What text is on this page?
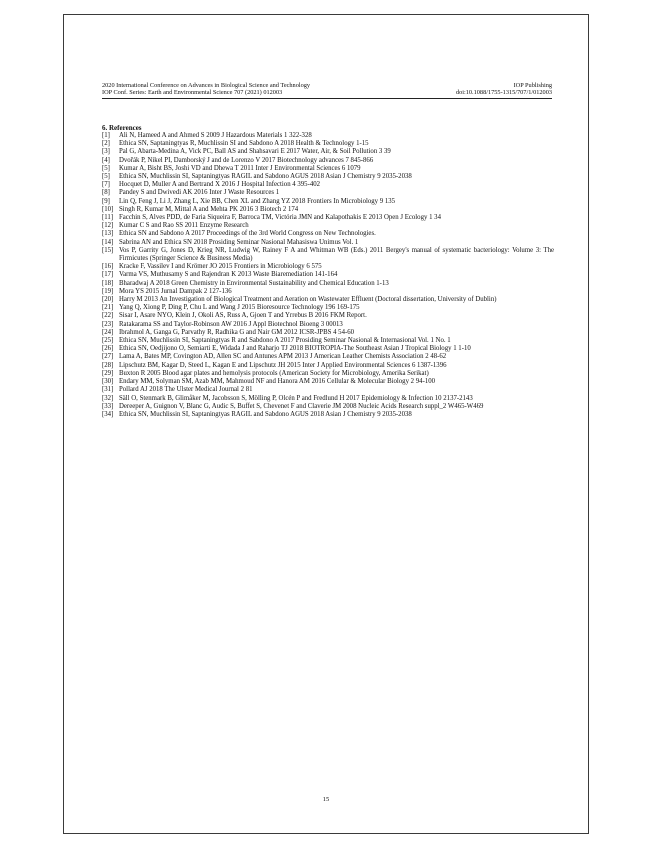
2020 International Conference on Advances in Biological Science and Technology	IOP Publishing
IOP Conf. Series: Earth and Environmental Science 707 (2021) 012003	doi:10.1088/1755-1315/707/1/012003
6. References
[1]	Ali N, Hameed A and Ahmed S 2009 J Hazardous Materials 1 322-328
[2]	Ethica SN, Saptaningtyas R, Muchlissin SI and Sabdono A 2018 Health & Technology 1-15
[3]	Pal G, Abarta-Medina A, Vick PC, Ball AS and Shahsavari E 2017 Water, Air, & Soil Pollution 3 39
[4]	Dvořák P, Nikel PI, Damborský J and de Lorenzo V 2017 Biotechnology advances 7 845-866
[5]	Kumar A, Bisht BS, Joshi VD and Dhewa T 2011 Inter J Environmental Sciences 6 1079
[5]	Ethica SN, Muchlissin SI, Saptaningtyas RAGIL and Sabdono AGUS 2018 Asian J Chemistry 9 2035-2038
[7]	Hocquet D, Muller A and Bertrand X 2016 J Hospital Infection 4 395-402
[8]	Pandey S and Dwivedi AK 2016 Inter J Waste Resources 1
[9]	Lin Q, Feng J, Li J, Zhang L, Xie BB, Chen XL and Zhang YZ 2018 Frontiers In Microbiology 9 135
[10] Singh R, Kumar M, Mittal A and Mehta PK 2016 3 Biotech 2 174
[11] Facchin S, Alves PDD, de Faria Siqueira F, Barroca TM, Victória JMN and Kalapothakis E 2013 Open J Ecology 1 34
[12] Kumar C S and Rao SS 2011 Enzyme Research
[13] Ethica SN and Sabdono A 2017 Proceedings of the 3rd World Congress on New Technologies.
[14] Sabrina AN and Ethica SN 2018 Prosiding Seminar Nasional Mahasiswa Unimus Vol. 1
[15] Vos P, Garrity G, Jones D, Krieg NR, Ludwig W, Rainey F A and Whitman WB (Eds.) 2011 Bergey's manual of systematic bacteriology: Volume 3: The Firmicutes (Springer Science & Business Media)
[16] Kracke F, Vassilev I and Krömer JO 2015 Frontiers in Microbiology 6 575
[17] Varma VS, Muthusamy S and Rajendran K 2013 Waste Biaremediation 141-164
[18] Bharadwaj A 2018 Green Chemistry in Environmental Sustainability and Chemical Education 1-13
[19] Mora YS 2015 Jurnal Dampak 2 127-136
[20] Harry M 2013 An Investigation of Biological Treatment and Aeration on Wastewater Effluent (Doctoral dissertation, University of Dublin)
[21] Yang Q, Xiong P, Ding P, Chu L and Wang J 2015 Bioresource Technology 196 169-175
[22] Sisar I, Asare NYO, Klein J, Okoli AS, Russ A, Gjoen T and Yrrebus B 2016 FKM Report.
[23] Ratakarama SS and Taylor-Robinson AW 2016 J Appl Biotechnol Bioeng 3 00013
[24] Ibrahmol A, Ganga G, Parvathy R, Radhika G and Nair GM 2012 ICSR-JPBS 4 54-60
[25] Ethica SN, Muchlissin SI, Saptaningtyas R and Sabdono A 2017 Prosiding Seminar Nasional & Internasional Vol. 1 No. 1
[26] Ethica SN, Oedjijono O, Semiarti E, Widada J and Raharjo TJ 2018 BIOTROPIA-The Southeast Asian J Tropical Biology 1 1-10
[27] Lama A, Bates MP, Covington AD, Allen SC and Antunes APM 2013 J American Leather Chemists Association 2 48-62
[28] Lipschutz BM, Kagar D, Steed L, Kagan E and Lipschutz JH 2015 Inter J Applied Environmental Sciences 6 1387-1396
[29] Buxton R 2005 Blood agar plates and hemolysis protocols (American Society for Microbiology, Amerika Serikat)
[30] Endary MM, Solyman SM, Azab MM, Mahmoud NF and Hanora AM 2016 Cellular & Molecular Biology 2 94-100
[31] Pollard AJ 2018 The Ulster Medical Journal 2 81
[32] Säll O, Stenmark B, Glimåker M, Jacobsson S, Mölling P, Olcén P and Fredlund H 2017 Epidemiology & Infection 10 2137-2143
[33] Dereeper A, Guignon V, Blanc G, Audic S, Buffet S, Chevenet F and Claverie JM 2008 Nucleic Acids Research suppl_2 W465-W469
[34] Ethica SN, Muchlissin SI, Saptaningtyas RAGIL and Sabdono AGUS 2018 Asian J Chemistry 9 2035-2038
15
